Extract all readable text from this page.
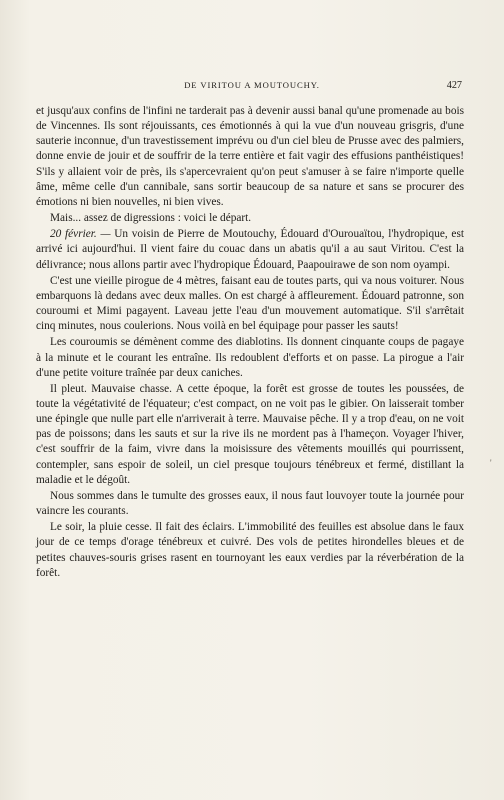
DE VIRITOU A MOUTOUCHY.	427

et jusqu'aux confins de l'infini ne tarderait pas à devenir aussi banal qu'une promenade au bois de Vincennes. Ils sont réjouissants, ces émotionnés à qui la vue d'un nouveau grisgris, d'une sauterie inconnue, d'un travestissement imprévu ou d'un ciel bleu de Prusse avec des palmiers, donne envie de jouir et de souffrir de la terre entière et fait vagir des effusions panthéistiques! S'ils y allaient voir de près, ils s'apercevraient qu'on peut s'amuser à se faire n'importe quelle âme, même celle d'un cannibale, sans sortir beaucoup de sa nature et sans se procurer des émotions ni bien nouvelles, ni bien vives.

Mais... assez de digressions : voici le départ.

20 février. — Un voisin de Pierre de Moutouchy, Édouard d'Ourouaïtou, l'hydropique, est arrivé ici aujourd'hui. Il vient faire du couac dans un abatis qu'il a au saut Viritou. C'est la délivrance; nous allons partir avec l'hydropique Édouard, Paapouirawe de son nom oyampi.

C'est une vieille pirogue de 4 mètres, faisant eau de toutes parts, qui va nous voiturer. Nous embarquons là dedans avec deux malles. On est chargé à affleurement. Édouard patronne, son couroumi et Mimi pagayent. Laveau jette l'eau d'un mouvement automatique. S'il s'arrêtait cinq minutes, nous coulerions. Nous voilà en bel équipage pour passer les sauts!

Les couroumis se démènent comme des diablotins. Ils donnent cinquante coups de pagaye à la minute et le courant les entraîne. Ils redoublent d'efforts et on passe. La pirogue a l'air d'une petite voiture traînée par deux caniches.

Il pleut. Mauvaise chasse. A cette époque, la forêt est grosse de toutes les poussées, de toute la végétativité de l'équateur; c'est compact, on ne voit pas le gibier. On laisserait tomber une épingle que nulle part elle n'arriverait à terre. Mauvaise pêche. Il y a trop d'eau, on ne voit pas de poissons; dans les sauts et sur la rive ils ne mordent pas à l'hameçon. Voyager l'hiver, c'est souffrir de la faim, vivre dans la moisissure des vêtements mouillés qui pourrissent, contempler, sans espoir de soleil, un ciel presque toujours ténébreux et fermé, distillant la maladie et le dégoût.

Nous sommes dans le tumulte des grosses eaux, il nous faut louvoyer toute la journée pour vaincre les courants.

Le soir, la pluie cesse. Il fait des éclairs. L'immobilité des feuilles est absolue dans le faux jour de ce temps d'orage ténébreux et cuivré. Des vols de petites hirondelles bleues et de petites chauves-souris grises rasent en tournoyant les eaux verdies par la réverbération de la forêt.

'
